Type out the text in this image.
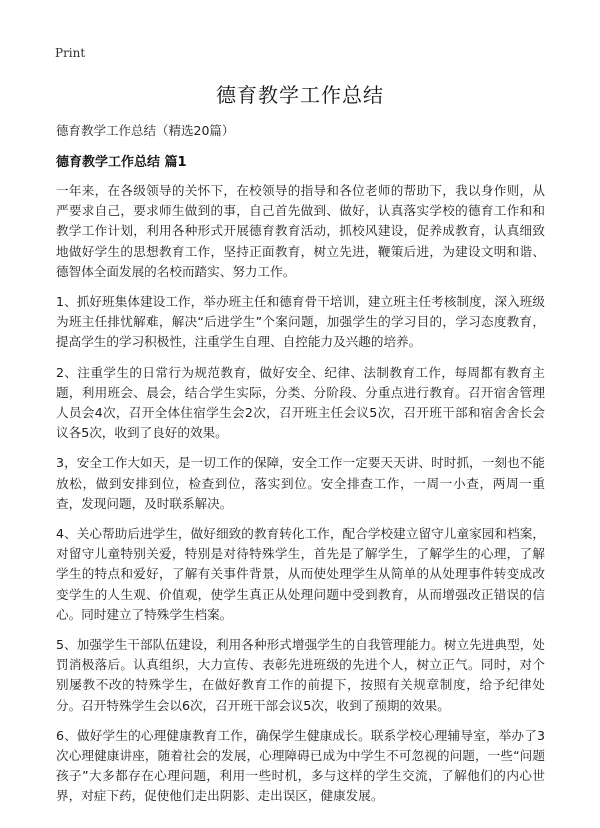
Print
德育教学工作总结
德育教学工作总结（精选20篇）
德育教学工作总结 篇1

一年来，在各级领导的关怀下，在校领导的指导和各位老师的帮助下，我以身作则，从严要求自己，要求师生做到的事，自己首先做到、做好，认真落实学校的德育工作和和教学工作计划，利用各种形式开展德育教育活动，抓校风建设，促养成教育，认真细致地做好学生的思想教育工作，坚持正面教育，树立先进，鞭策后进，为建设文明和谐、德智体全面发展的名校而踏实、努力工作。

1、抓好班集体建设工作，举办班主任和德育骨干培训，建立班主任考核制度，深入班级为班主任排忧解难，解决“后进学生”个案问题，加强学生的学习目的，学习态度教育，提高学生的学习积极性，注重学生自理、自控能力及兴趣的培养。

2、注重学生的日常行为规范教育，做好安全、纪律、法制教育工作，每周都有教育主题，利用班会、晨会，结合学生实际，分类、分阶段、分重点进行教育。召开宿舍管理人员会4次，召开全体住宿学生会2次，召开班主任会议5次，召开班干部和宿舍舍长会议各5次，收到了良好的效果。

3，安全工作大如天，是一切工作的保障，安全工作一定要天天讲、时时抓，一刻也不能放松，做到安排到位，检查到位，落实到位。安全排查工作，一周一小查，两周一重查，发现问题，及时联系解决。

4、关心帮助后进学生，做好细致的教育转化工作，配合学校建立留守儿童家园和档案，对留守儿童特别关爱，特别是对待特殊学生，首先是了解学生，了解学生的心理，了解学生的特点和爱好，了解有关事件背景，从而使处理学生从简单的从处理事件转变成改变学生的人生观、价值观，使学生真正从处理问题中受到教育，从而增强改正错误的信心。同时建立了特殊学生档案。

5、加强学生干部队伍建设，利用各种形式增强学生的自我管理能力。树立先进典型，处罚消极落后。认真组织，大力宣传、表彰先进班级的先进个人，树立正气。同时，对个别屡教不改的特殊学生，在做好教育工作的前提下，按照有关规章制度，给予纪律处分。召开特殊学生会以6次，召开班干部会议5次，收到了预期的效果。

6、做好学生的心理健康教育工作，确保学生健康成长。联系学校心理辅导室，举办了3次心理健康讲座，随着社会的发展，心理障碍已成为中学生不可忽视的问题，一些“问题孩子”大多都存在心理问题，利用一些时机，多与这样的学生交流，了解他们的内心世界，对症下药，促使他们走出阴影、走出误区，健康发展。
